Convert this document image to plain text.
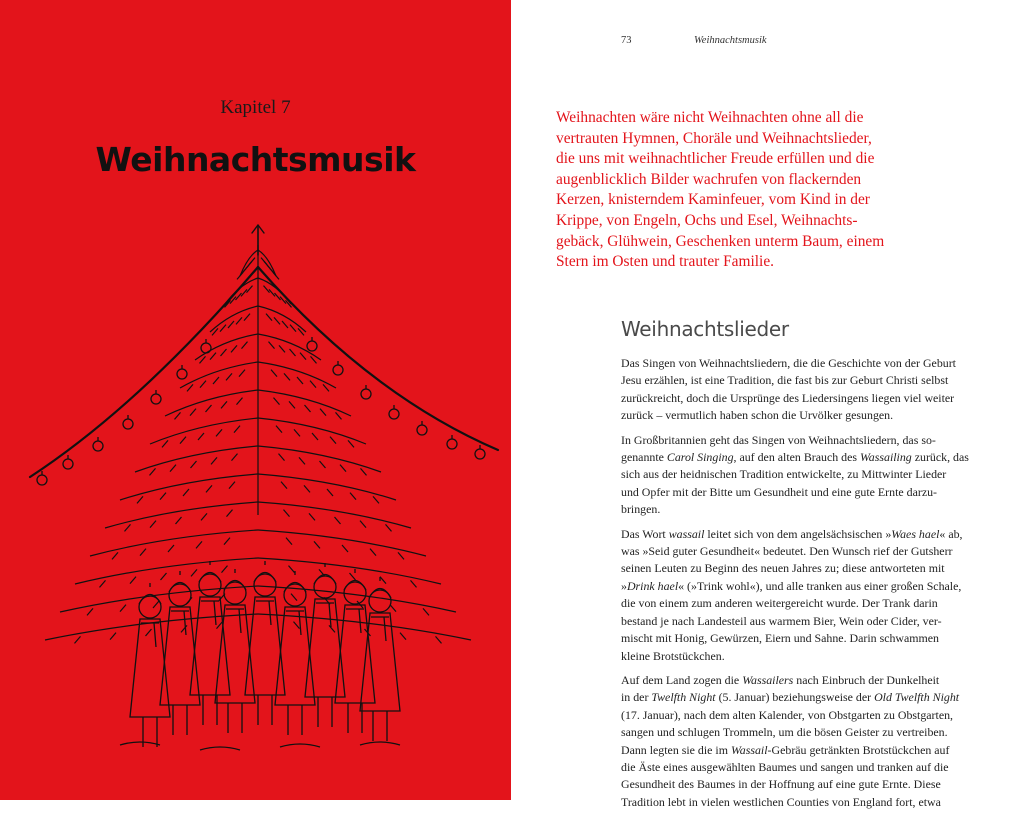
Kapitel 7
Weihnachtsmusik
73	Weihnachtsmusik

Weihnachten wäre nicht Weihnachten ohne all die
vertrauten Hymnen, Choräle und Weihnachtslieder,
die uns mit weihnachtlicher Freude erfüllen und die
augenblicklich Bilder wachrufen von flackernden
Kerzen, knisterndem Kaminfeuer, vom Kind in der
Krippe, von Engeln, Ochs und Esel, Weihnachts-
gebäck, Glühwein, Geschenken unterm Baum, einem
Stern im Osten und trauter Familie.

Weihnachtslieder

Das Singen von Weihnachtsliedern, die die Geschichte von der Geburt
Jesu erzählen, ist eine Tradition, die fast bis zur Geburt Christi selbst
zurückreicht, doch die Ursprünge des Liedersingens liegen viel weiter
zurück – vermutlich haben schon die Urvölker gesungen.

In Großbritannien geht das Singen von Weihnachtsliedern, das so-
genannte Carol Singing, auf den alten Brauch des Wassailing zurück, das
sich aus der heidnischen Tradition entwickelte, zu Mittwinter Lieder
und Opfer mit der Bitte um Gesundheit und eine gute Ernte darzu-
bringen.

Das Wort wassail leitet sich von dem angelsächsischen »Waes hael« ab,
was »Seid guter Gesundheit« bedeutet. Den Wunsch rief der Gutsherr
seinen Leuten zu Beginn des neuen Jahres zu; diese antworteten mit
»Drink hael« (»Trink wohl«), und alle tranken aus einer großen Schale,
die von einem zum anderen weitergereicht wurde. Der Trank darin
bestand je nach Landesteil aus warmem Bier, Wein oder Cider, ver-
mischt mit Honig, Gewürzen, Eiern und Sahne. Darin schwammen
kleine Brotstückchen.

Auf dem Land zogen die Wassailers nach Einbruch der Dunkelheit
in der Twelfth Night (5. Januar) beziehungsweise der Old Twelfth Night
(17. Januar), nach dem alten Kalender, von Obstgarten zu Obstgarten,
sangen und schlugen Trommeln, um die bösen Geister zu vertreiben.
Dann legten sie die im Wassail-Gebräu getränkten Brotstückchen auf
die Äste eines ausgewählten Baumes und sangen und tranken auf die
Gesundheit des Baumes in der Hoffnung auf eine gute Ernte. Diese
Tradition lebt in vielen westlichen Counties von England fort, etwa
